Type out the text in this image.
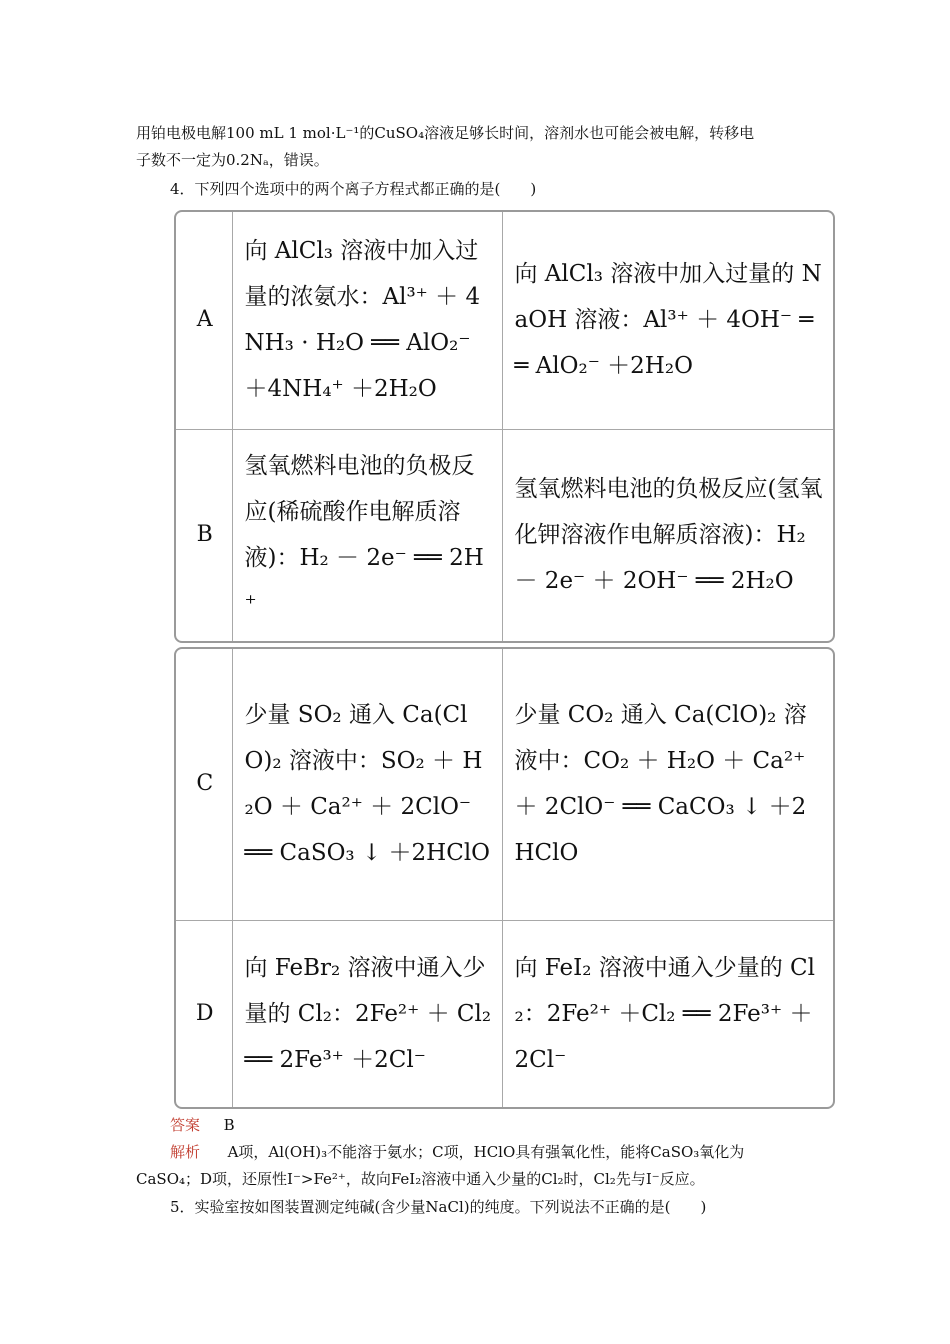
用铂电极电解100 mL 1 mol·L⁻¹的CuSO₄溶液足够长时间，溶剂水也可能会被电解，转移电
子数不一定为0.2Nₐ，错误。
4．下列四个选项中的两个离子方程式都正确的是(　　)
A	向 AlCl₃ 溶液中加入过量的浓氨水：Al³⁺ ＋ 4NH₃ · H₂O ══ AlO₂⁻ ＋4NH₄⁺ ＋2H₂O	向 AlCl₃ 溶液中加入过量的 NaOH 溶液：Al³⁺ ＋ 4OH⁻ ══ AlO₂⁻ ＋2H₂O
B	氢氧燃料电池的负极反应(稀硫酸作电解质溶液)：H₂ － 2e⁻ ══ 2H⁺	氢氧燃料电池的负极反应(氢氧化钾溶液作电解质溶液)：H₂ － 2e⁻ ＋ 2OH⁻ ══ 2H₂O
C	少量 SO₂ 通入 Ca(ClO)₂ 溶液中：SO₂ ＋ H₂O ＋ Ca²⁺ ＋ 2ClO⁻ ══ CaSO₃ ↓ ＋2HClO	少量 CO₂ 通入 Ca(ClO)₂ 溶液中：CO₂ ＋ H₂O ＋ Ca²⁺ ＋ 2ClO⁻ ══ CaCO₃ ↓ ＋2HClO
D	向 FeBr₂ 溶液中通入少量的 Cl₂：2Fe²⁺ ＋ Cl₂ ══ 2Fe³⁺ ＋2Cl⁻	向 FeI₂ 溶液中通入少量的 Cl₂：2Fe²⁺ ＋Cl₂ ══ 2Fe³⁺ ＋2Cl⁻
答案 B
解析 A项，Al(OH)₃不能溶于氨水；C项，HClO具有强氧化性，能将CaSO₃氧化为
CaSO₄；D项，还原性I⁻>Fe²⁺，故向FeI₂溶液中通入少量的Cl₂时，Cl₂先与I⁻反应。
5．实验室按如图装置测定纯碱(含少量NaCl)的纯度。下列说法不正确的是(　　)
